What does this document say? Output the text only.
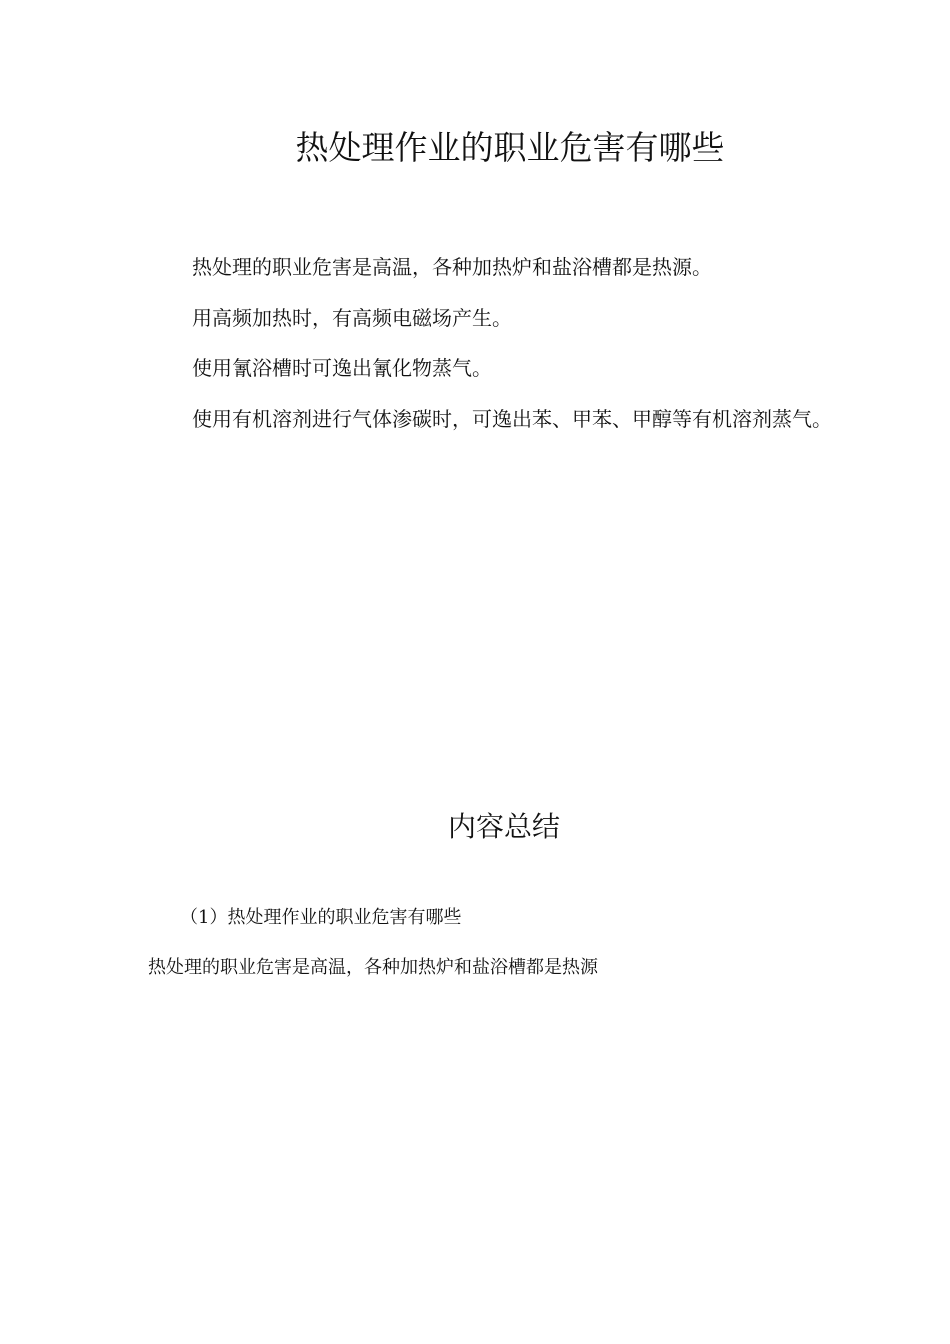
热处理作业的职业危害有哪些

热处理的职业危害是高温，各种加热炉和盐浴槽都是热源。

用高频加热时，有高频电磁场产生。

使用氰浴槽时可逸出氰化物蒸气。

使用有机溶剂进行气体渗碳时，可逸出苯、甲苯、甲醇等有机溶剂蒸气。

内容总结

（1）热处理作业的职业危害有哪些

热处理的职业危害是高温，各种加热炉和盐浴槽都是热源
